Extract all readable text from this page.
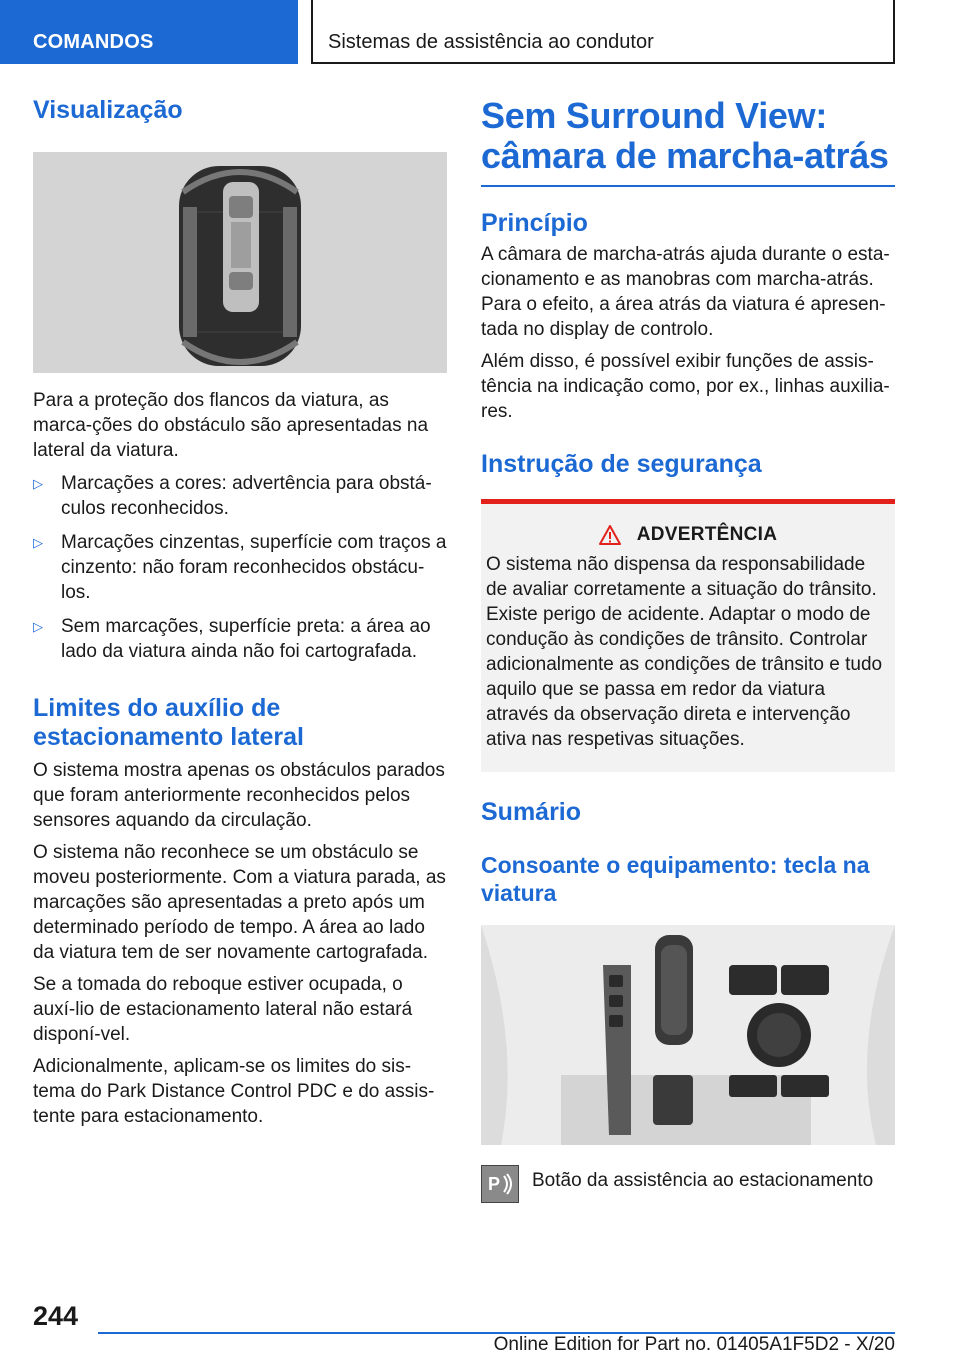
COMANDOS	Sistemas de assistência ao condutor
Visualização

Para a proteção dos flancos da viatura, as marca-ções do obstáculo são apresentadas na lateral da viatura.

▷ Marcações a cores: advertência para obstá-culos reconhecidos.
▷ Marcações cinzentas, superfície com traços a cinzento: não foram reconhecidos obstácu-los.
▷ Sem marcações, superfície preta: a área ao lado da viatura ainda não foi cartografada.
Limites do auxílio de estacionamento lateral

O sistema mostra apenas os obstáculos parados que foram anteriormente reconhecidos pelos sensores aquando da circulação.

O sistema não reconhece se um obstáculo se moveu posteriormente. Com a viatura parada, as marcações são apresentadas a preto após um determinado período de tempo. A área ao lado da viatura tem de ser novamente cartografada.

Se a tomada do reboque estiver ocupada, o auxí-lio de estacionamento lateral não estará disponí-vel.

Adicionalmente, aplicam-se os limites do sis-tema do Park Distance Control PDC e do assis-tente para estacionamento.

Sem Surround View:
câmara de marcha-atrás
Princípio

A câmara de marcha-atrás ajuda durante o esta-cionamento e as manobras com marcha-atrás. Para o efeito, a área atrás da viatura é apresen-tada no display de controlo.

Além disso, é possível exibir funções de assis-tência na indicação como, por ex., linhas auxilia-res.

Instrução de segurança
ADVERTÊNCIA

O sistema não dispensa da responsabilidade de avaliar corretamente a situação do trânsito. Existe perigo de acidente. Adaptar o modo de condução às condições de trânsito. Controlar adicionalmente as condições de trânsito e tudo aquilo que se passa em redor da viatura através da observação direta e intervenção ativa nas respetivas situações.

Sumário
Consoante o equipamento: tecla na viatura
P Botão da assistência ao estacionamento

244
Online Edition for Part no. 01405A1F5D2 - X/20
